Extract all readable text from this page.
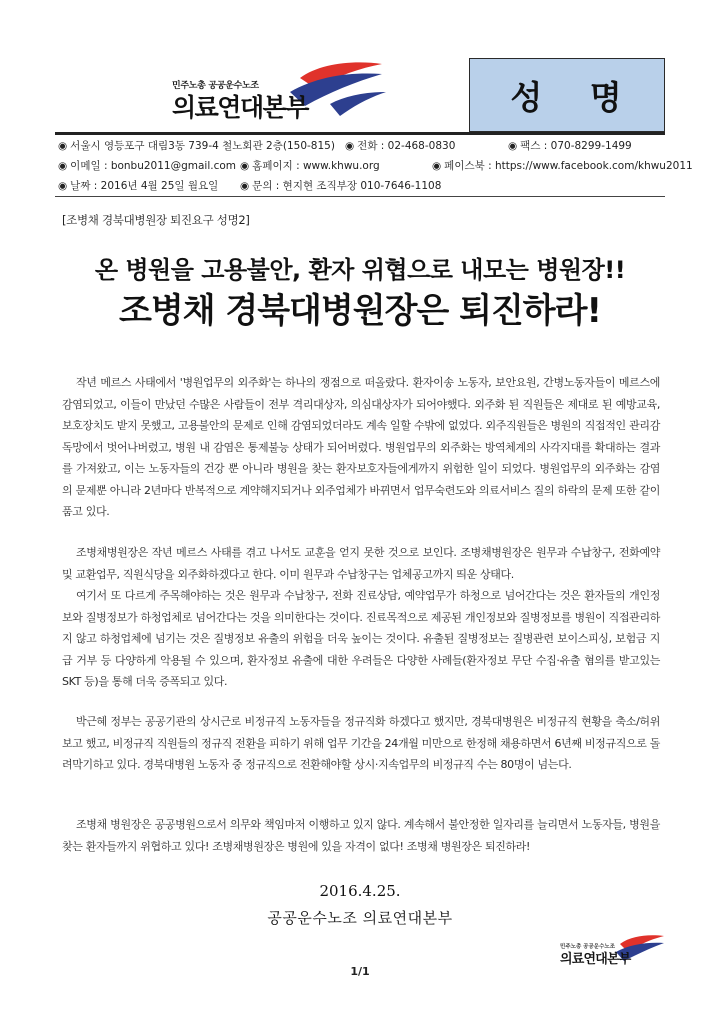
민주노총 공공운수노조
의료연대본부	성 명
◉ 서울시 영등포구 대림3동 739-4 철노회관 2층(150-815) ◉ 전화 : 02-468-0830	◉ 팩스 : 070-8299-1499
◉ 이메일 : bonbu2011@gmail.com ◉ 홈페이지 : www.khwu.org	◉ 페이스북 : https://www.facebook.com/khwu2011
◉ 날짜 : 2016년 4월 25일 월요일 ◉ 문의 : 현지현 조직부장 010-7646-1108
[조병채 경북대병원장 퇴진요구 성명2]
온 병원을 고용불안, 환자 위협으로 내모는 병원장!!
조병채 경북대병원장은 퇴진하라!

작년 메르스 사태에서 '병원업무의 외주화'는 하나의 쟁점으로 떠올랐다. 환자이송 노동자, 보안요원, 간병노동자들이 메르스에 감염되었고, 이들이 만났던 수많은 사람들이 전부 격리대상자, 의심대상자가 되어야했다. 외주화 된 직원들은 제대로 된 예방교육, 보호장치도 받지 못했고, 고용불안의 문제로 인해 감염되었더라도 계속 일할 수밖에 없었다. 외주직원들은 병원의 직접적인 관리감독망에서 벗어나버렸고, 병원 내 감염은 통제불능 상태가 되어버렸다. 병원업무의 외주화는 방역체계의 사각지대를 확대하는 결과를 가져왔고, 이는 노동자들의 건강 뿐 아니라 병원을 찾는 환자보호자들에게까지 위험한 일이 되었다. 병원업무의 외주화는 감염의 문제뿐 아니라 2년마다 반복적으로 계약해지되거나 외주업체가 바뀌면서 업무숙련도와 의료서비스 질의 하락의 문제 또한 같이 품고 있다.

조병채병원장은 작년 메르스 사태를 겪고 나서도 교훈을 얻지 못한 것으로 보인다. 조병채병원장은 원무과 수납창구, 전화예약 및 교환업무, 직원식당을 외주화하겠다고 한다. 이미 원무과 수납창구는 업체공고까지 띄운 상태다.

여기서 또 다르게 주목해야하는 것은 원무과 수납창구, 전화 진료상담, 예약업무가 하청으로 넘어간다는 것은 환자들의 개인정보와 질병정보가 하청업체로 넘어간다는 것을 의미한다는 것이다. 진료목적으로 제공된 개인정보와 질병정보를 병원이 직접관리하지 않고 하청업체에 넘기는 것은 질병정보 유출의 위험을 더욱 높이는 것이다. 유출된 질병정보는 질병관련 보이스피싱, 보험금 지급 거부 등 다양하게 악용될 수 있으며, 환자정보 유출에 대한 우려들은 다양한 사례들(환자정보 무단 수집·유출 혐의를 받고있는 SKT 등)을 통해 더욱 증폭되고 있다.

박근혜 정부는 공공기관의 상시근로 비정규직 노동자들을 정규직화 하겠다고 했지만, 경북대병원은 비정규직 현황을 축소/허위보고 했고, 비정규직 직원들의 정규직 전환을 피하기 위해 업무 기간을 24개월 미만으로 한정해 채용하면서 6년째 비정규직으로 돌려막기하고 있다. 경북대병원 노동자 중 정규직으로 전환해야할 상시·지속업무의 비정규직 수는 80명이 넘는다.

조병채 병원장은 공공병원으로서 의무와 책임마저 이행하고 있지 않다. 계속해서 불안정한 일자리를 늘리면서 노동자들, 병원을 찾는 환자들까지 위협하고 있다! 조병채병원장은 병원에 있을 자격이 없다! 조병채 병원장은 퇴진하라!

2016.4.25.
공공운수노조 의료연대본부
민주노총 공공운수노조
의료연대본부
1/1
